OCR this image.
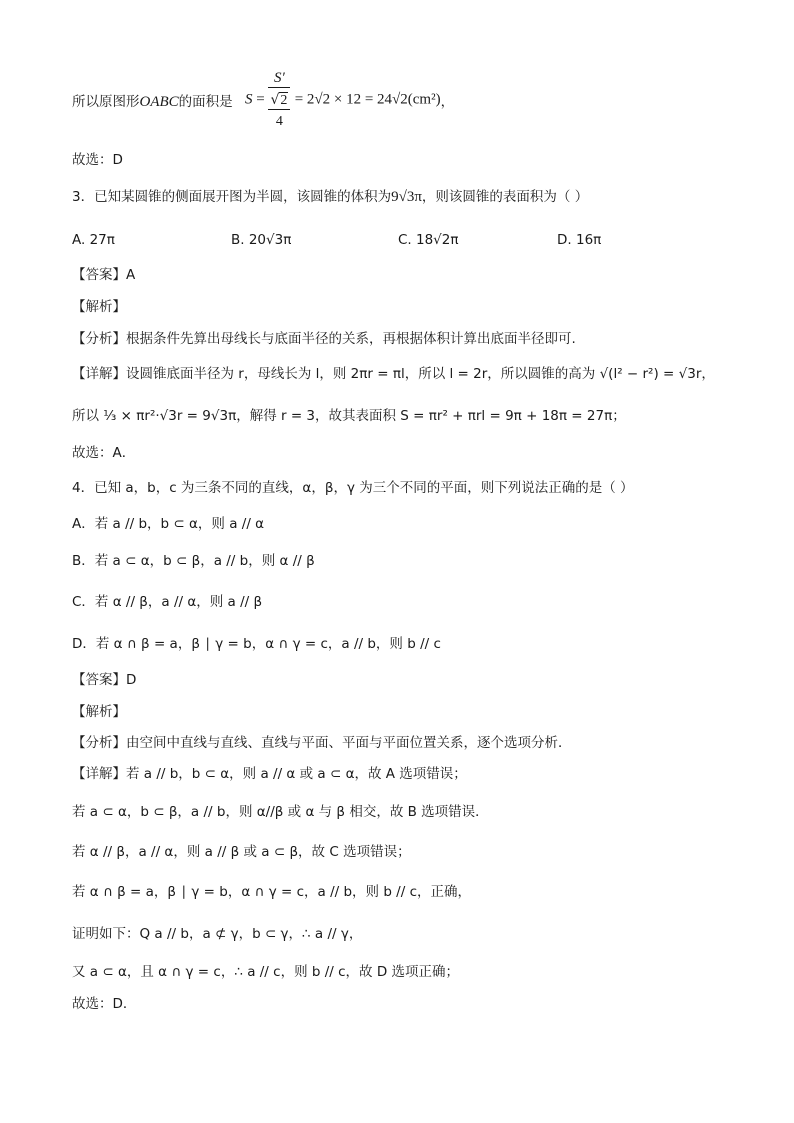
所以原图形OABC的面积是 S =
S′
√2
4
= 2√2 × 12 = 24√2(cm²)，
故选：D
3．已知某圆锥的侧面展开图为半圆，该圆锥的体积为9√3π，则该圆锥的表面积为（ ）
A. 27π	B. 20√3π	C. 18√2π	D. 16π
【答案】A
【解析】
【分析】根据条件先算出母线长与底面半径的关系，再根据体积计算出底面半径即可.
【详解】设圆锥底面半径为 r，母线长为 l，则 2πr = πl，所以 l = 2r，所以圆锥的高为 √(l² − r²) = √3r，
所以 ⅓ × πr²·√3r = 9√3π，解得 r = 3，故其表面积 S = πr² + πrl = 9π + 18π = 27π；
故选：A．
4．已知 a，b，c 为三条不同的直线，α，β，γ 为三个不同的平面，则下列说法正确的是（ ）
A．若 a // b，b ⊂ α，则 a // α
B．若 a ⊂ α，b ⊂ β，a // b，则 α // β
C．若 α // β，a // α，则 a // β
D．若 α ∩ β = a，β ∣ γ = b，α ∩ γ = c，a // b，则 b // c
【答案】D
【解析】
【分析】由空间中直线与直线、直线与平面、平面与平面位置关系，逐个选项分析．
【详解】若 a // b，b ⊂ α，则 a // α 或 a ⊂ α，故 A 选项错误；
若 a ⊂ α，b ⊂ β，a // b，则 α//β 或 α 与 β 相交，故 B 选项错误．
若 α // β，a // α，则 a // β 或 a ⊂ β，故 C 选项错误；
若 α ∩ β = a，β ∣ γ = b，α ∩ γ = c，a // b，则 b // c，正确，
证明如下：Q a // b，a ⊄ γ，b ⊂ γ，∴ a // γ，
又 a ⊂ α，且 α ∩ γ = c，∴ a // c，则 b // c，故 D 选项正确；
故选：D．
